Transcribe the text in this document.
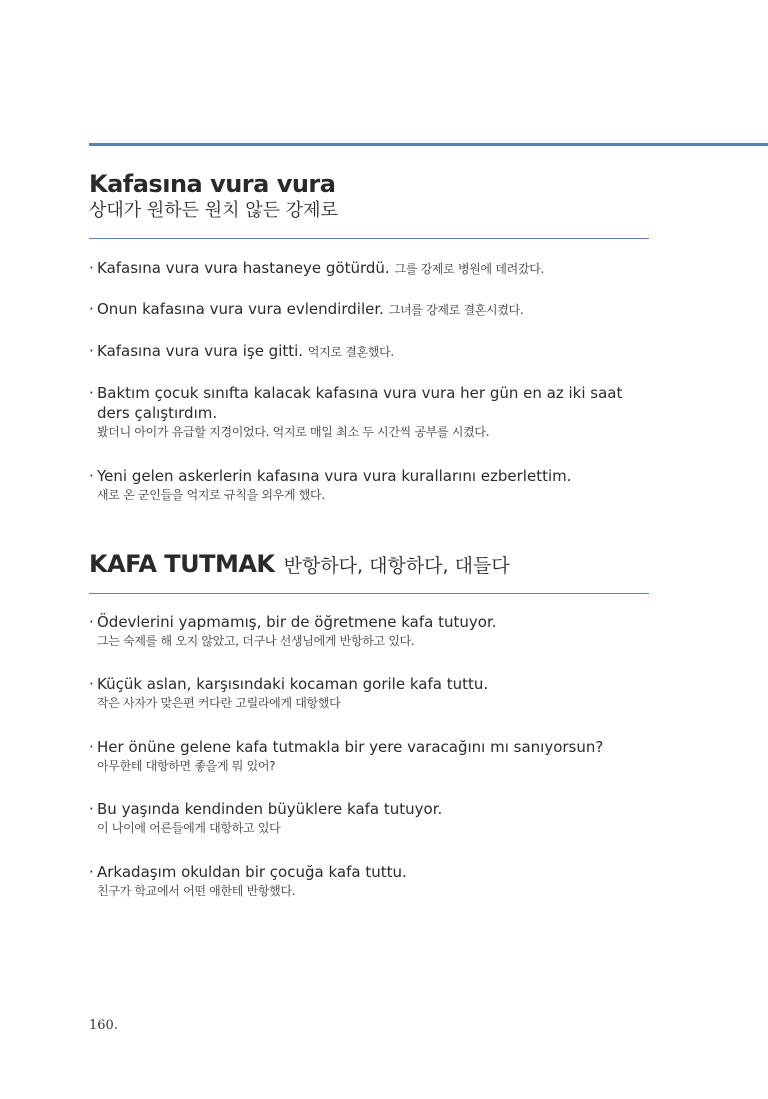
Kafasına vura vura
상대가 원하든 원치 않든 강제로
· Kafasına vura vura hastaneye götürdü. 그를 강제로 병원에 데려갔다.
· Onun kafasına vura vura evlendirdiler. 그녀를 강제로 결혼시켰다.
· Kafasına vura vura işe gitti. 억지로 결혼했다.
· Baktım çocuk sınıfta kalacak kafasına vura vura her gün en az iki saat
ders çalıştırdım.
봤더니 아이가 유급할 지경이었다. 억지로 매일 최소 두 시간씩 공부를 시켰다.
· Yeni gelen askerlerin kafasına vura vura kurallarını ezberlettim.
새로 온 군인들을 억지로 규칙을 외우게 했다.
KAFA TUTMAK 반항하다, 대항하다, 대들다
· Ödevlerini yapmamış, bir de öğretmene kafa tutuyor.
그는 숙제를 해 오지 않았고, 더구나 선생님에게 반항하고 있다.
· Küçük aslan, karşısındaki kocaman gorile kafa tuttu.
작은 사자가 맞은편 커다란 고릴라에게 대항했다
· Her önüne gelene kafa tutmakla bir yere varacağını mı sanıyorsun?
아무한테 대항하면 좋을게 뭐 있어?
· Bu yaşında kendinden büyüklere kafa tutuyor.
이 나이에 어른들에게 대항하고 있다
· Arkadaşım okuldan bir çocuğa kafa tuttu.
친구가 학교에서 어떤 애한테 반항했다.
160.
